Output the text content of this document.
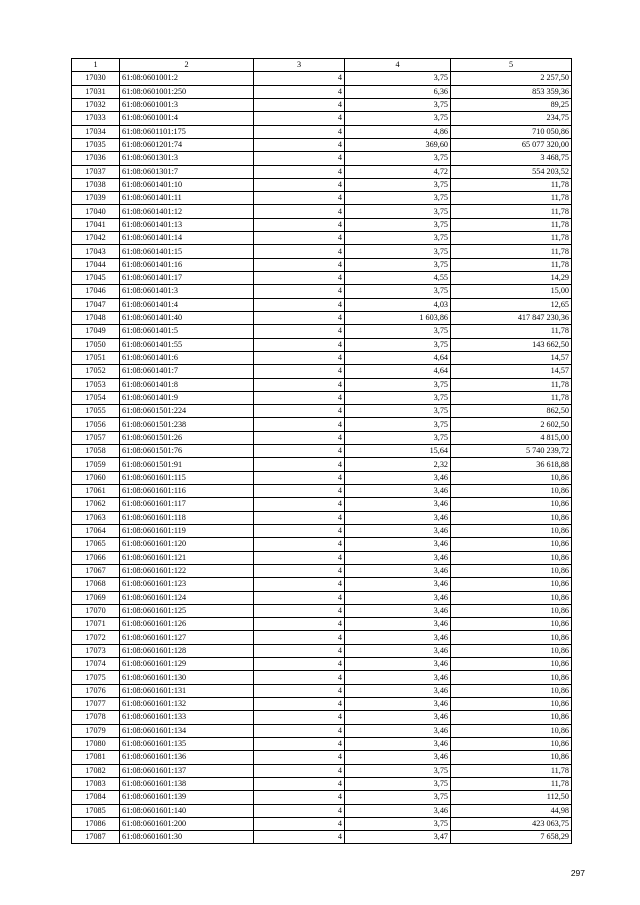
1	2	3	4	5
17030	61:08:0601001:2	4	3,75	2 257,50
17031	61:08:0601001:250	4	6,36	853 359,36
17032	61:08:0601001:3	4	3,75	89,25
17033	61:08:0601001:4	4	3,75	234,75
17034	61:08:0601101:175	4	4,86	710 050,86
17035	61:08:0601201:74	4	369,60	65 077 320,00
17036	61:08:0601301:3	4	3,75	3 468,75
17037	61:08:0601301:7	4	4,72	554 203,52
17038	61:08:0601401:10	4	3,75	11,78
17039	61:08:0601401:11	4	3,75	11,78
17040	61:08:0601401:12	4	3,75	11,78
17041	61:08:0601401:13	4	3,75	11,78
17042	61:08:0601401:14	4	3,75	11,78
17043	61:08:0601401:15	4	3,75	11,78
17044	61:08:0601401:16	4	3,75	11,78
17045	61:08:0601401:17	4	4,55	14,29
17046	61:08:0601401:3	4	3,75	15,00
17047	61:08:0601401:4	4	4,03	12,65
17048	61:08:0601401:40	4	1 603,86	417 847 230,36
17049	61:08:0601401:5	4	3,75	11,78
17050	61:08:0601401:55	4	3,75	143 662,50
17051	61:08:0601401:6	4	4,64	14,57
17052	61:08:0601401:7	4	4,64	14,57
17053	61:08:0601401:8	4	3,75	11,78
17054	61:08:0601401:9	4	3,75	11,78
17055	61:08:0601501:224	4	3,75	862,50
17056	61:08:0601501:238	4	3,75	2 602,50
17057	61:08:0601501:26	4	3,75	4 815,00
17058	61:08:0601501:76	4	15,64	5 740 239,72
17059	61:08:0601501:91	4	2,32	36 618,88
17060	61:08:0601601:115	4	3,46	10,86
17061	61:08:0601601:116	4	3,46	10,86
17062	61:08:0601601:117	4	3,46	10,86
17063	61:08:0601601:118	4	3,46	10,86
17064	61:08:0601601:119	4	3,46	10,86
17065	61:08:0601601:120	4	3,46	10,86
17066	61:08:0601601:121	4	3,46	10,86
17067	61:08:0601601:122	4	3,46	10,86
17068	61:08:0601601:123	4	3,46	10,86
17069	61:08:0601601:124	4	3,46	10,86
17070	61:08:0601601:125	4	3,46	10,86
17071	61:08:0601601:126	4	3,46	10,86
17072	61:08:0601601:127	4	3,46	10,86
17073	61:08:0601601:128	4	3,46	10,86
17074	61:08:0601601:129	4	3,46	10,86
17075	61:08:0601601:130	4	3,46	10,86
17076	61:08:0601601:131	4	3,46	10,86
17077	61:08:0601601:132	4	3,46	10,86
17078	61:08:0601601:133	4	3,46	10,86
17079	61:08:0601601:134	4	3,46	10,86
17080	61:08:0601601:135	4	3,46	10,86
17081	61:08:0601601:136	4	3,46	10,86
17082	61:08:0601601:137	4	3,75	11,78
17083	61:08:0601601:138	4	3,75	11,78
17084	61:08:0601601:139	4	3,75	112,50
17085	61:08:0601601:140	4	3,46	44,98
17086	61:08:0601601:200	4	3,75	423 063,75
17087	61:08:0601601:30	4	3,47	7 658,29
297
